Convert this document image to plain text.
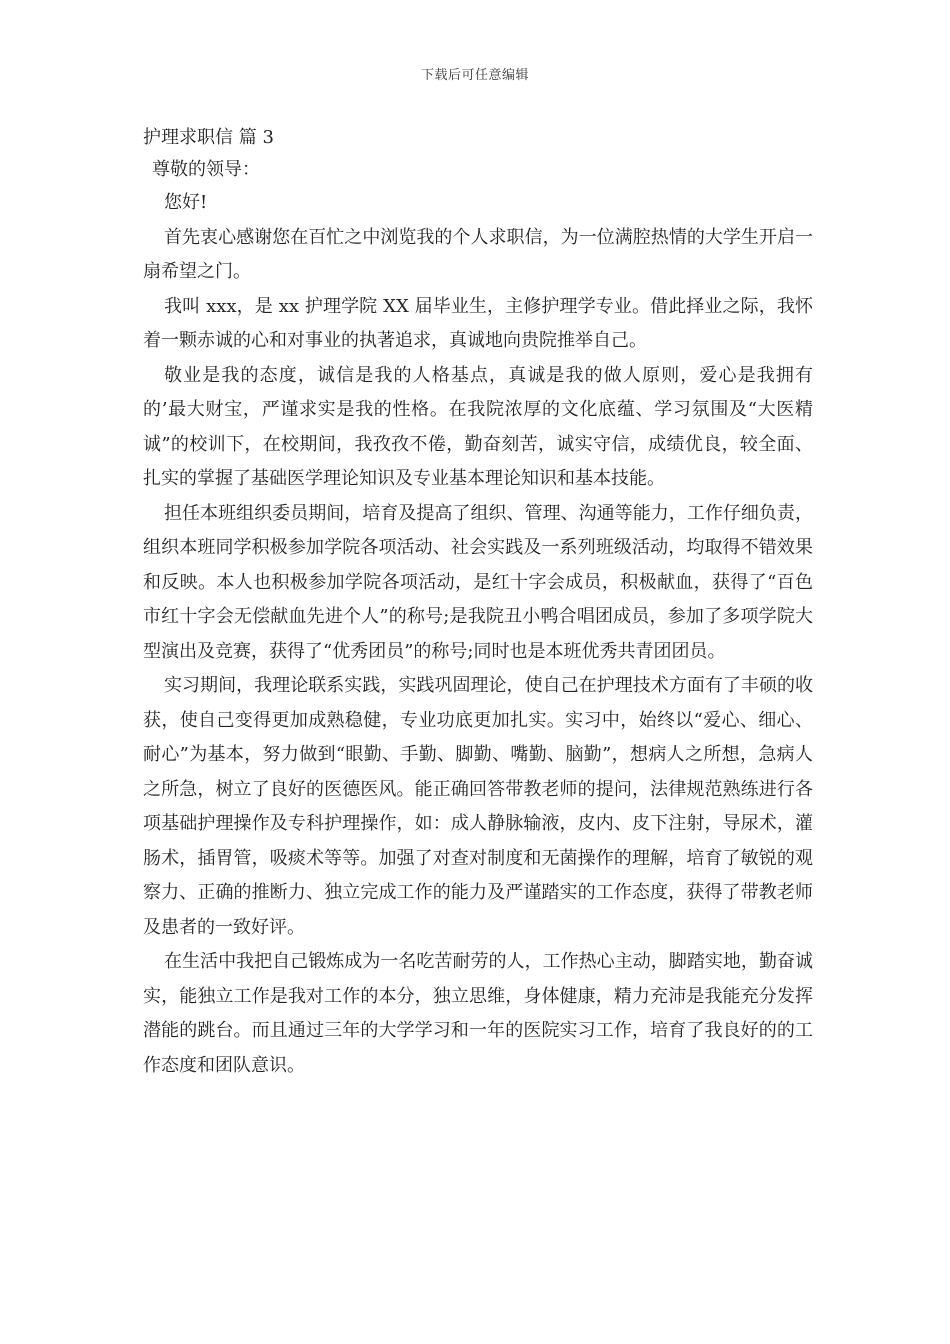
下载后可任意编辑
护理求职信 篇 3

尊敬的领导：

您好!

首先衷心感谢您在百忙之中浏览我的个人求职信，为一位满腔热情的大学生开启一扇希望之门。

我叫 xxx，是 xx 护理学院 XX 届毕业生，主修护理学专业。借此择业之际，我怀着一颗赤诚的心和对事业的执著追求，真诚地向贵院推举自己。

敬业是我的态度，诚信是我的人格基点，真诚是我的做人原则，爱心是我拥有的’最大财宝，严谨求实是我的性格。在我院浓厚的文化底蕴、学习氛围及“大医精诚”的校训下，在校期间，我孜孜不倦，勤奋刻苦，诚实守信，成绩优良，较全面、扎实的掌握了基础医学理论知识及专业基本理论知识和基本技能。

担任本班组织委员期间，培育及提高了组织、管理、沟通等能力，工作仔细负责，组织本班同学积极参加学院各项活动、社会实践及一系列班级活动，均取得不错效果和反映。本人也积极参加学院各项活动，是红十字会成员，积极献血，获得了“百色市红十字会无偿献血先进个人”的称号;是我院丑小鸭合唱团成员，参加了多项学院大型演出及竞赛，获得了“优秀团员”的称号;同时也是本班优秀共青团团员。

实习期间，我理论联系实践，实践巩固理论，使自己在护理技术方面有了丰硕的收获，使自己变得更加成熟稳健，专业功底更加扎实。实习中，始终以“爱心、细心、耐心”为基本，努力做到“眼勤、手勤、脚勤、嘴勤、脑勤”，想病人之所想，急病人之所急，树立了良好的医德医风。能正确回答带教老师的提问，法律规范熟练进行各项基础护理操作及专科护理操作，如：成人静脉输液，皮内、皮下注射，导尿术，灌肠术，插胃管，吸痰术等等。加强了对查对制度和无菌操作的理解，培育了敏锐的观察力、正确的推断力、独立完成工作的能力及严谨踏实的工作态度，获得了带教老师及患者的一致好评。

在生活中我把自己锻炼成为一名吃苦耐劳的人，工作热心主动，脚踏实地，勤奋诚实，能独立工作是我对工作的本分，独立思维，身体健康，精力充沛是我能充分发挥潜能的跳台。而且通过三年的大学学习和一年的医院实习工作，培育了我良好的的工作态度和团队意识。
